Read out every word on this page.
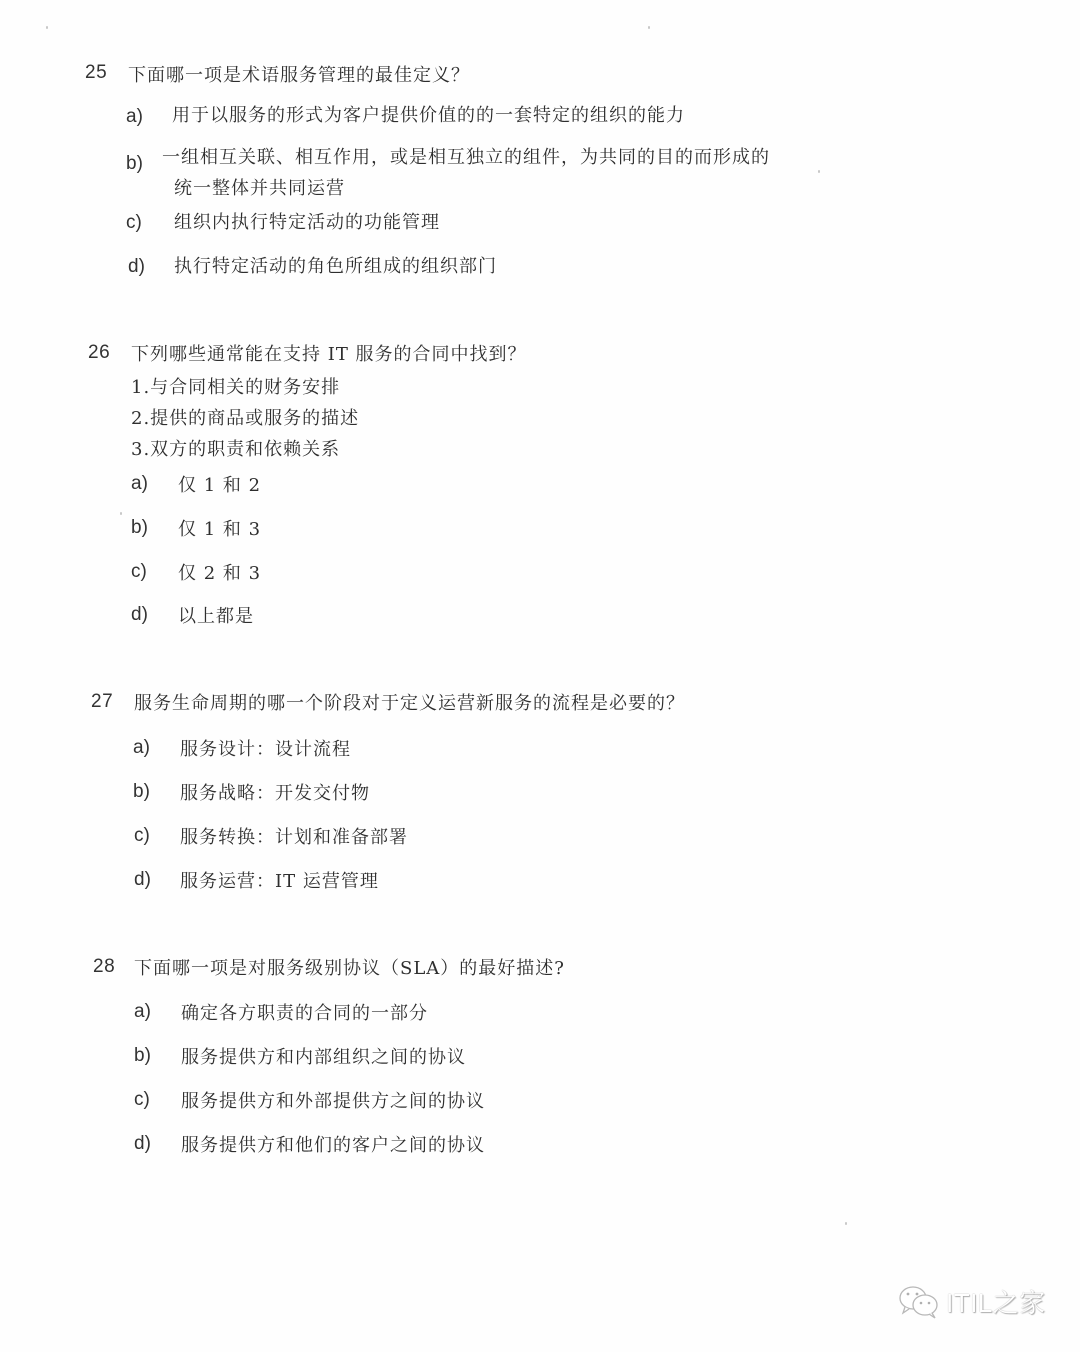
25 下面哪一项是术语服务管理的最佳定义？
a) 用于以服务的形式为客户提供价值的的一套特定的组织的能力
b) 一组相互关联、相互作用，或是相互独立的组件，为共同的目的而形成的
统一整体并共同运营
c) 组织内执行特定活动的功能管理
d) 执行特定活动的角色所组成的组织部门
26 下列哪些通常能在支持 IT 服务的合同中找到？
1.与合同相关的财务安排
2.提供的商品或服务的描述
3.双方的职责和依赖关系
a) 仅 1 和 2
b) 仅 1 和 3
c) 仅 2 和 3
d) 以上都是
27 服务生命周期的哪一个阶段对于定义运营新服务的流程是必要的？
a) 服务设计：设计流程
b) 服务战略：开发交付物
c) 服务转换：计划和准备部署
d) 服务运营：IT 运营管理
28 下面哪一项是对服务级别协议（SLA）的最好描述?
a) 确定各方职责的合同的一部分
b) 服务提供方和内部组织之间的协议
c) 服务提供方和外部提供方之间的协议
d) 服务提供方和他们的客户之间的协议
ITIL之家
